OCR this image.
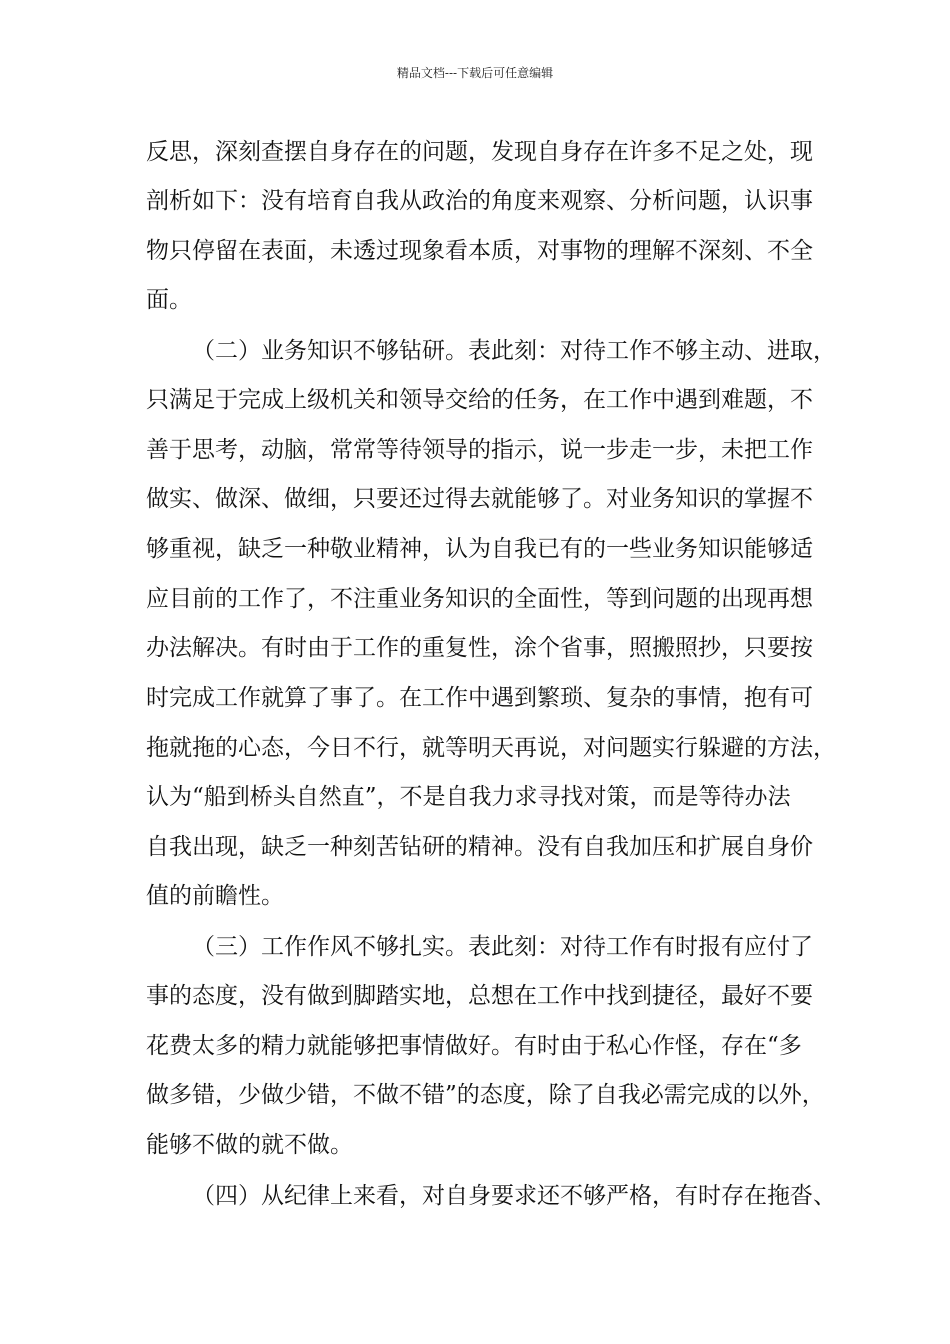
精品文档---下载后可任意编辑
反思，深刻查摆自身存在的问题，发现自身存在许多不足之处，现
剖析如下：没有培育自我从政治的角度来观察、分析问题，认识事
物只停留在表面，未透过现象看本质，对事物的理解不深刻、不全
面。
（二）业务知识不够钻研。表此刻：对待工作不够主动、进取，
只满足于完成上级机关和领导交给的任务，在工作中遇到难题，不
善于思考，动脑，常常等待领导的指示，说一步走一步，未把工作
做实、做深、做细，只要还过得去就能够了。对业务知识的掌握不
够重视，缺乏一种敬业精神，认为自我已有的一些业务知识能够适
应目前的工作了，不注重业务知识的全面性，等到问题的出现再想
办法解决。有时由于工作的重复性，涂个省事，照搬照抄，只要按
时完成工作就算了事了。在工作中遇到繁琐、复杂的事情，抱有可
拖就拖的心态，今日不行，就等明天再说，对问题实行躲避的方法，
认为“船到桥头自然直”，不是自我力求寻找对策，而是等待办法
自我出现，缺乏一种刻苦钻研的精神。没有自我加压和扩展自身价
值的前瞻性。
（三）工作作风不够扎实。表此刻：对待工作有时报有应付了
事的态度，没有做到脚踏实地，总想在工作中找到捷径，最好不要
花费太多的精力就能够把事情做好。有时由于私心作怪，存在“多
做多错，少做少错，不做不错”的态度，除了自我必需完成的以外，
能够不做的就不做。
（四）从纪律上来看，对自身要求还不够严格，有时存在拖沓、
